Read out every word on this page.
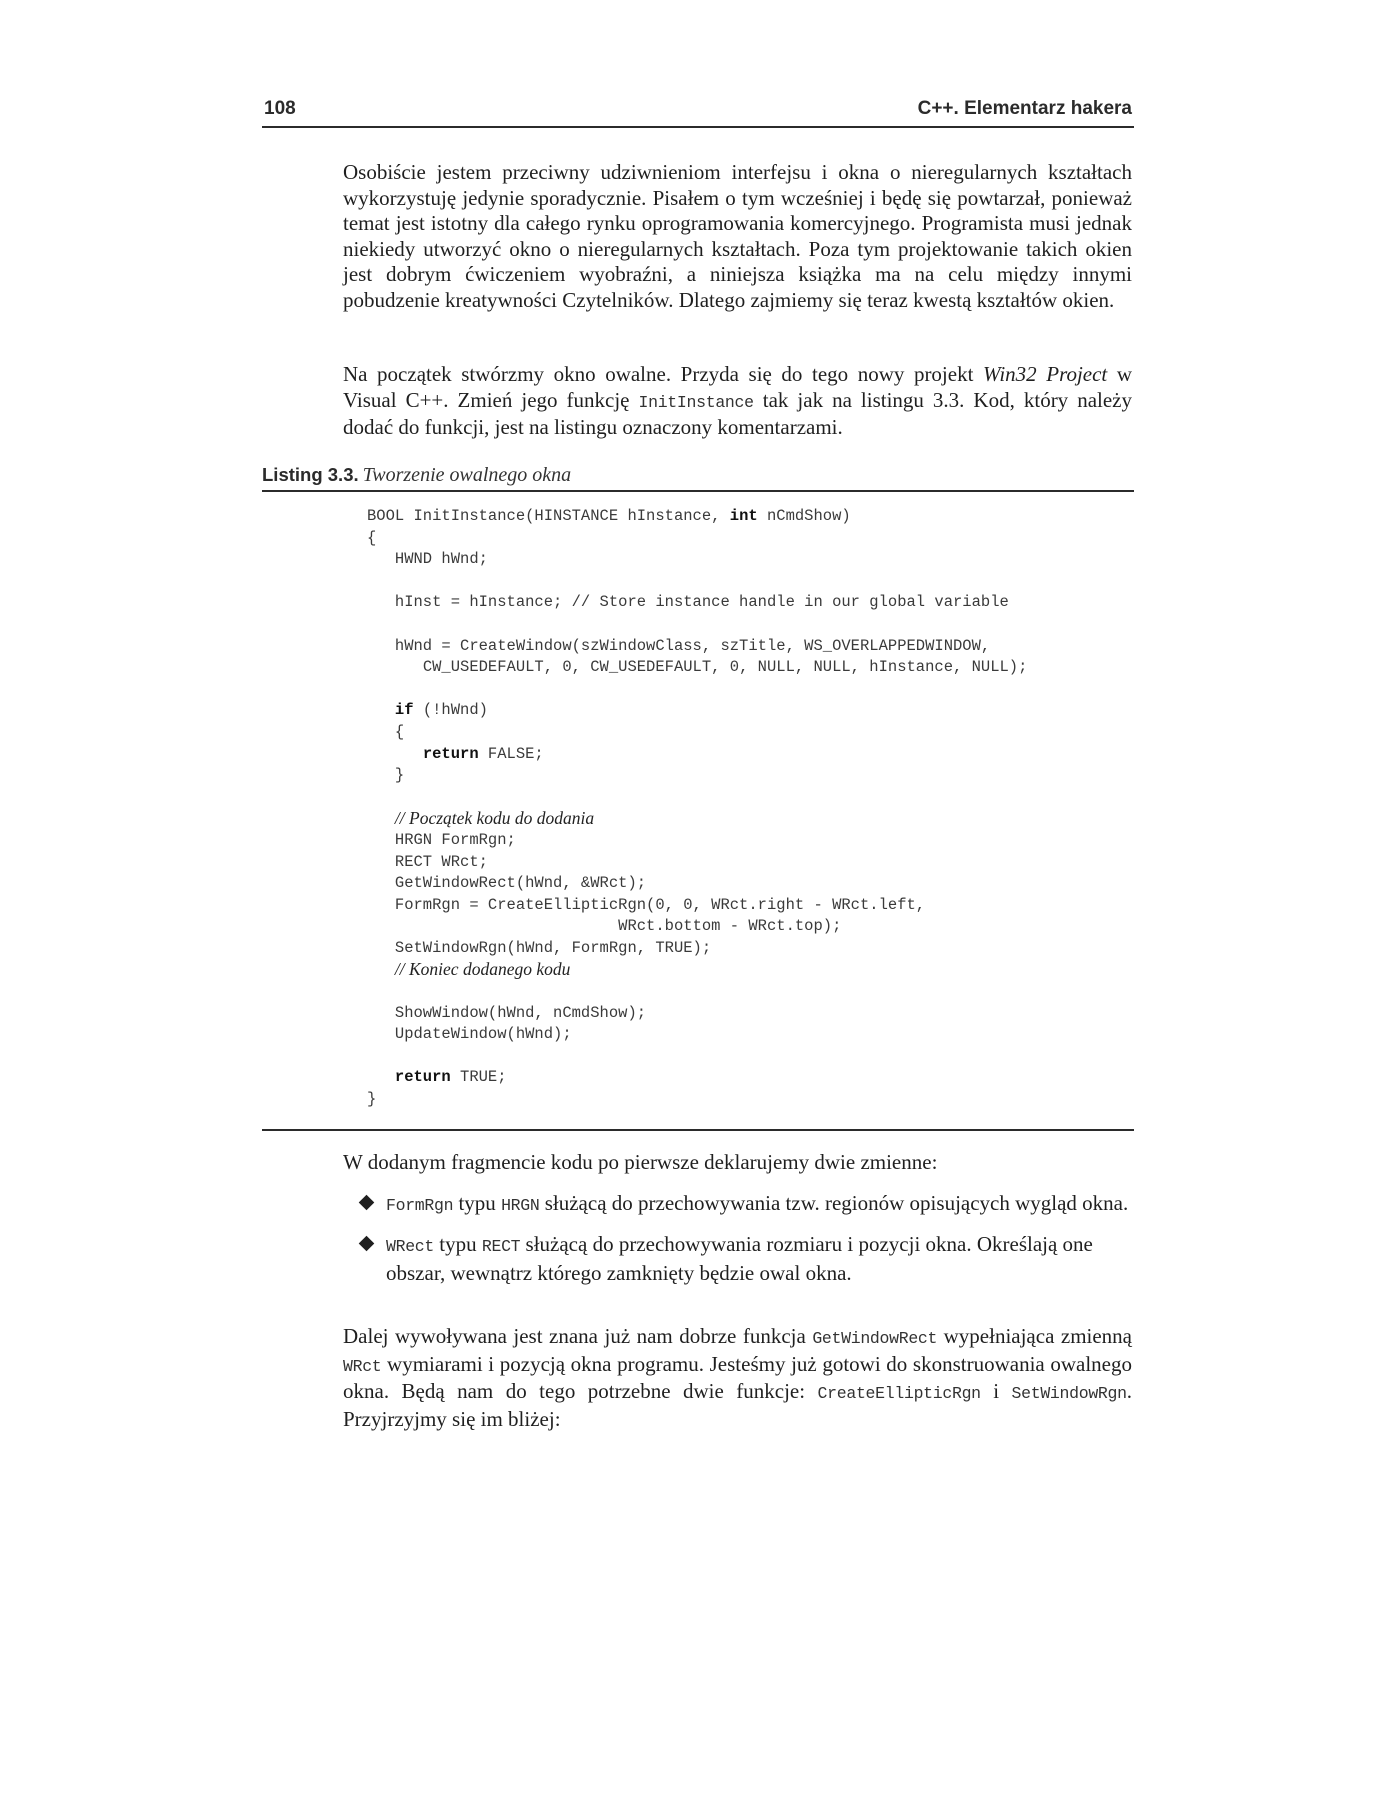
108	C++. Elementarz hakera

Osobiście jestem przeciwny udziwnieniom interfejsu i okna o nieregularnych kształtach wykorzystuję jedynie sporadycznie. Pisałem o tym wcześniej i będę się powtarzał, ponieważ temat jest istotny dla całego rynku oprogramowania komercyjnego. Programista musi jednak niekiedy utworzyć okno o nieregularnych kształtach. Poza tym projektowanie takich okien jest dobrym ćwiczeniem wyobraźni, a niniejsza książka ma na celu między innymi pobudzenie kreatywności Czytelników. Dlatego zajmiemy się teraz kwestą kształtów okien.

Na początek stwórzmy okno owalne. Przyda się do tego nowy projekt Win32 Project w Visual C++. Zmień jego funkcję InitInstance tak jak na listingu 3.3. Kod, który należy dodać do funkcji, jest na listingu oznaczony komentarzami.

Listing 3.3. Tworzenie owalnego okna
BOOL InitInstance(HINSTANCE hInstance, int nCmdShow)
{
HWND hWnd;
hInst = hInstance; // Store instance handle in our global variable
hWnd = CreateWindow(szWindowClass, szTitle, WS_OVERLAPPEDWINDOW,
CW_USEDEFAULT, 0, CW_USEDEFAULT, 0, NULL, NULL, hInstance, NULL);
if (!hWnd)
{
return FALSE;
}
// Początek kodu do dodania
HRGN FormRgn;
RECT WRct;
GetWindowRect(hWnd, &WRct);
FormRgn = CreateEllipticRgn(0, 0, WRct.right - WRct.left,
WRct.bottom - WRct.top);
SetWindowRgn(hWnd, FormRgn, TRUE);
// Koniec dodanego kodu
ShowWindow(hWnd, nCmdShow);
UpdateWindow(hWnd);
return TRUE;
}

W dodanym fragmencie kodu po pierwsze deklarujemy dwie zmienne:

FormRgn typu HRGN służącą do przechowywania tzw. regionów opisujących wygląd okna.
WRect typu RECT służącą do przechowywania rozmiaru i pozycji okna. Określają one obszar, wewnątrz którego zamknięty będzie owal okna.

Dalej wywoływana jest znana już nam dobrze funkcja GetWindowRect wypełniająca zmienną WRct wymiarami i pozycją okna programu. Jesteśmy już gotowi do skonstruowania owalnego okna. Będą nam do tego potrzebne dwie funkcje: CreateEllipticRgn i SetWindowRgn. Przyjrzyjmy się im bliżej:
